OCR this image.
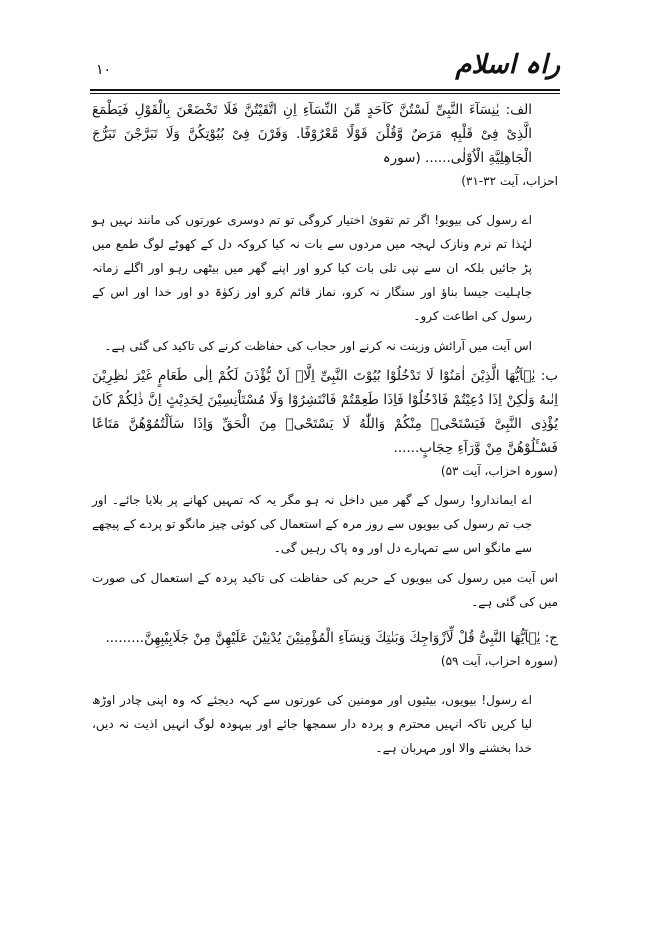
راہ اسلام
۱۰

الف: یٰنِسَآءَ النَّبِیِّ لَسْتُنَّ کَاَحَدٍ مِّنَ النِّسَآءِ اِنِ اتَّقَیْتُنَّ فَلَا تَخْضَعْنَ بِالْقَوْلِ فَیَطْمَعَ الَّذِیْ فِیْ قَلْبِهٖ مَرَضٌ وَّقُلْنَ قَوْلًا مَّعْرُوْفًا. وَقَرْنَ فِیْ بُیُوْتِكُنَّ وَلَا تَبَرَّجْنَ تَبَرُّجَ الْجَاهِلِیَّةِ الْاُوْلٰی...... (سورہ

احزاب، آیت ۳۲-۳۱)

اے رسول کی بیویو! اگر تم تقویٰ اختیار کروگی تو تم دوسری عورتوں کی مانند نہیں ہو لہٰذا تم نرم ونازک لہجہ میں مردوں سے بات نہ کیا کروکہ دل کے کھوٹے لوگ طمع میں پڑ جائیں بلکہ ان سے نپی تلی بات کیا کرو اور اپنے گھر میں بیٹھی رہو اور اگلے زمانہ جاہلیت جیسا بناؤ اور سنگار نہ کرو، نماز قائم کرو اور زکوٰۃ دو اور خدا اور اس کے رسول کی اطاعت کرو۔

اس آیت میں آرائش وزینت نہ کرنے اور حجاب کی حفاظت کرنے کی تاکید کی گئی ہے۔

ب: یٰۤاَیُّهَا الَّذِیْنَ اٰمَنُوْا لَا تَدْخُلُوْا بُیُوْتَ النَّبِیِّ اِلَّاۤ اَنْ یُّؤْذَنَ لَكُمْ اِلٰی طَعَامٍ غَیْرَ نٰظِرِیْنَ اِنٰىهُ وَلٰكِنْ اِذَا دُعِیْتُمْ فَادْخُلُوْا فَاِذَا طَعِمْتُمْ فَانْتَشِرُوْا وَلَا مُسْتَاْنِسِیْنَ لِحَدِیْثٍ اِنَّ ذٰلِكُمْ كَانَ یُؤْذِی النَّبِیَّ فَیَسْتَحْیٖ مِنْكُمْ وَاللّٰهُ لَا یَسْتَحْیٖ مِنَ الْحَقِّ وَاِذَا سَاَلْتُمُوْهُنَّ مَتَاعًا فَسْـَٔلُوْهُنَّ مِنْ وَّرَآءِ حِجَابٍ......

(سورہ احزاب، آیت ۵۳)

اے ایماندارو! رسول کے گھر میں داخل نہ ہو مگر یہ کہ تمہیں کھانے پر بلایا جائے۔ اور جب تم رسول کی بیویوں سے روز مرہ کے استعمال کی کوئی چیز مانگو تو پردے کے پیچھے سے مانگو اس سے تمہارے دل اور وہ پاک رہیں گی۔

اس آیت میں رسول کی بیویوں کے حریم کی حفاظت کی تاکید پردہ کے استعمال کی صورت میں کی گئی ہے۔

ج: یٰۤاَیُّهَا النَّبِیُّ قُلْ لِّاَزْوَاجِكَ وَبَنٰتِكَ وَنِسَآءِ الْمُؤْمِنِیْنَ یُدْنِیْنَ عَلَیْهِنَّ مِنْ جَلَابِیْبِهِنَّ.........

(سورہ احزاب، آیت ۵۹)

اے رسول! بیویوں، بیٹیوں اور مومنین کی عورتوں سے کہہ دیجئے کہ وہ اپنی چادر اوڑھ لیا کریں تاکہ انہیں محترم و پردہ دار سمجھا جائے اور بیہودہ لوگ انہیں اذیت نہ دیں، خدا بخشنے والا اور مہربان ہے۔
